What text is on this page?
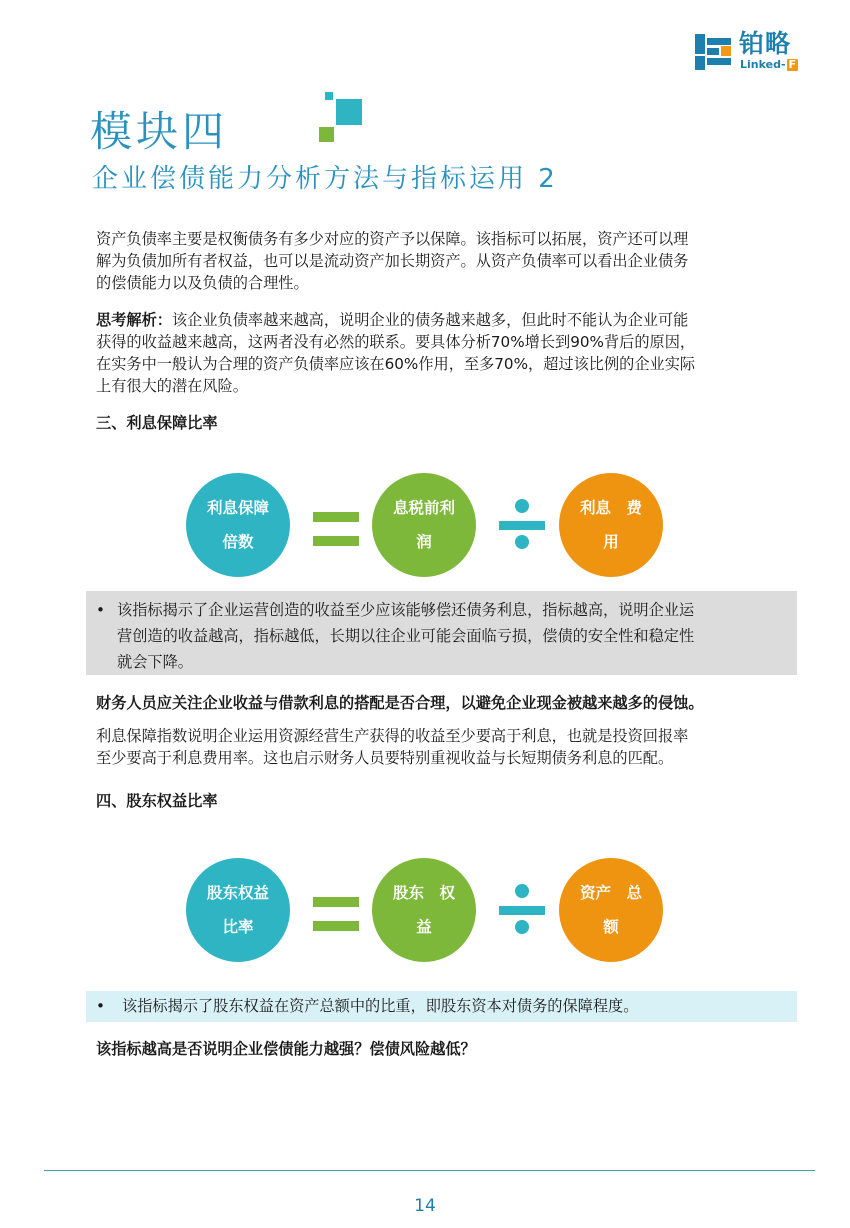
铂略
Linked- F
模块四
企业偿债能力分析方法与指标运用 2
资产负债率主要是权衡债务有多少对应的资产予以保障。该指标可以拓展，资产还可以理
解为负债加所有者权益，也可以是流动资产加长期资产。从资产负债率可以看出企业债务
的偿债能力以及负债的合理性。
思考解析：该企业负债率越来越高，说明企业的债务越来越多，但此时不能认为企业可能
获得的收益越来越高，这两者没有必然的联系。要具体分析70%增长到90%背后的原因，
在实务中一般认为合理的资产负债率应该在60%作用，至多70%，超过该比例的企业实际
上有很大的潜在风险。
三、利息保障比率
利息保障
倍数
息税前利
润
利息　费
用
• 该指标揭示了企业运营创造的收益至少应该能够偿还债务利息，指标越高，说明企业运
营创造的收益越高，指标越低，长期以往企业可能会面临亏损，偿债的安全性和稳定性
就会下降。
财务人员应关注企业收益与借款利息的搭配是否合理，以避免企业现金被越来越多的侵蚀。
利息保障指数说明企业运用资源经营生产获得的收益至少要高于利息，也就是投资回报率
至少要高于利息费用率。这也启示财务人员要特别重视收益与长短期债务利息的匹配。
四、股东权益比率
股东权益
比率
股东　权
益
资产　总
额
• 该指标揭示了股东权益在资产总额中的比重，即股东资本对债务的保障程度。
该指标越高是否说明企业偿债能力越强？偿债风险越低？
14
